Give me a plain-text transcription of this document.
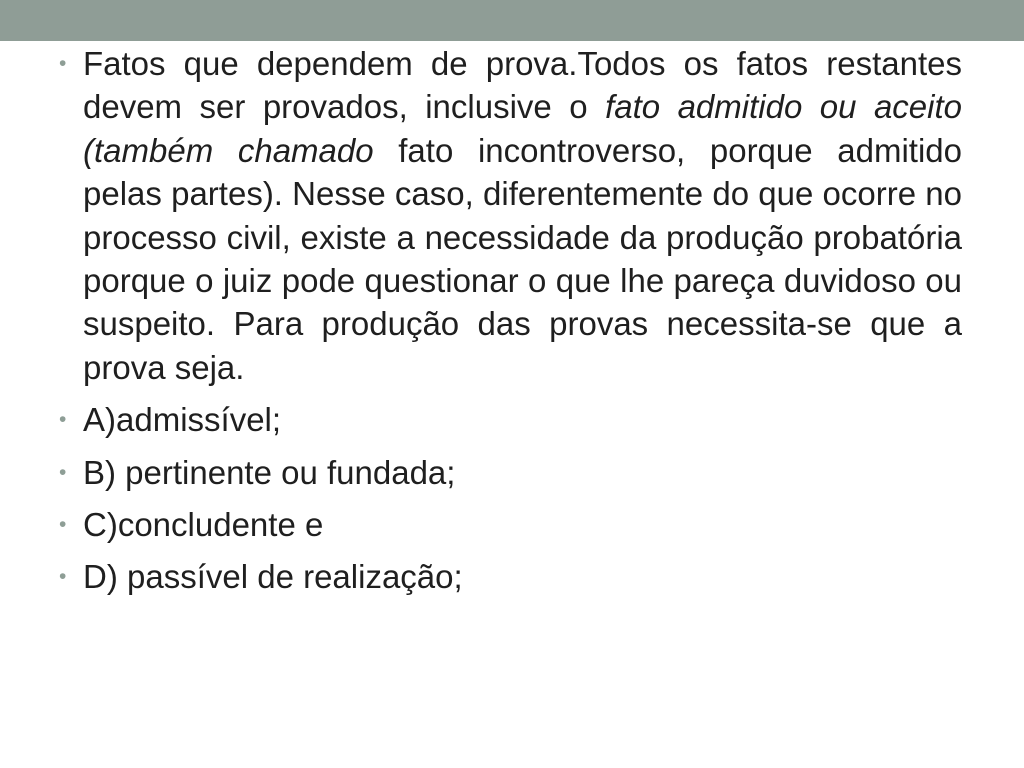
• Fatos que dependem de prova.Todos os fatos restantes devem ser provados, inclusive o fato admitido ou aceito (também chamado fato incontroverso, porque admitido pelas partes). Nesse caso, diferentemente do que ocorre no processo civil, existe a necessidade da produção probatória porque o juiz pode questionar o que lhe pareça duvidoso ou suspeito. Para produção das provas necessita-se que a prova seja.
• A)admissível;
• B) pertinente ou fundada;
• C)concludente e
• D) passível de realização;
